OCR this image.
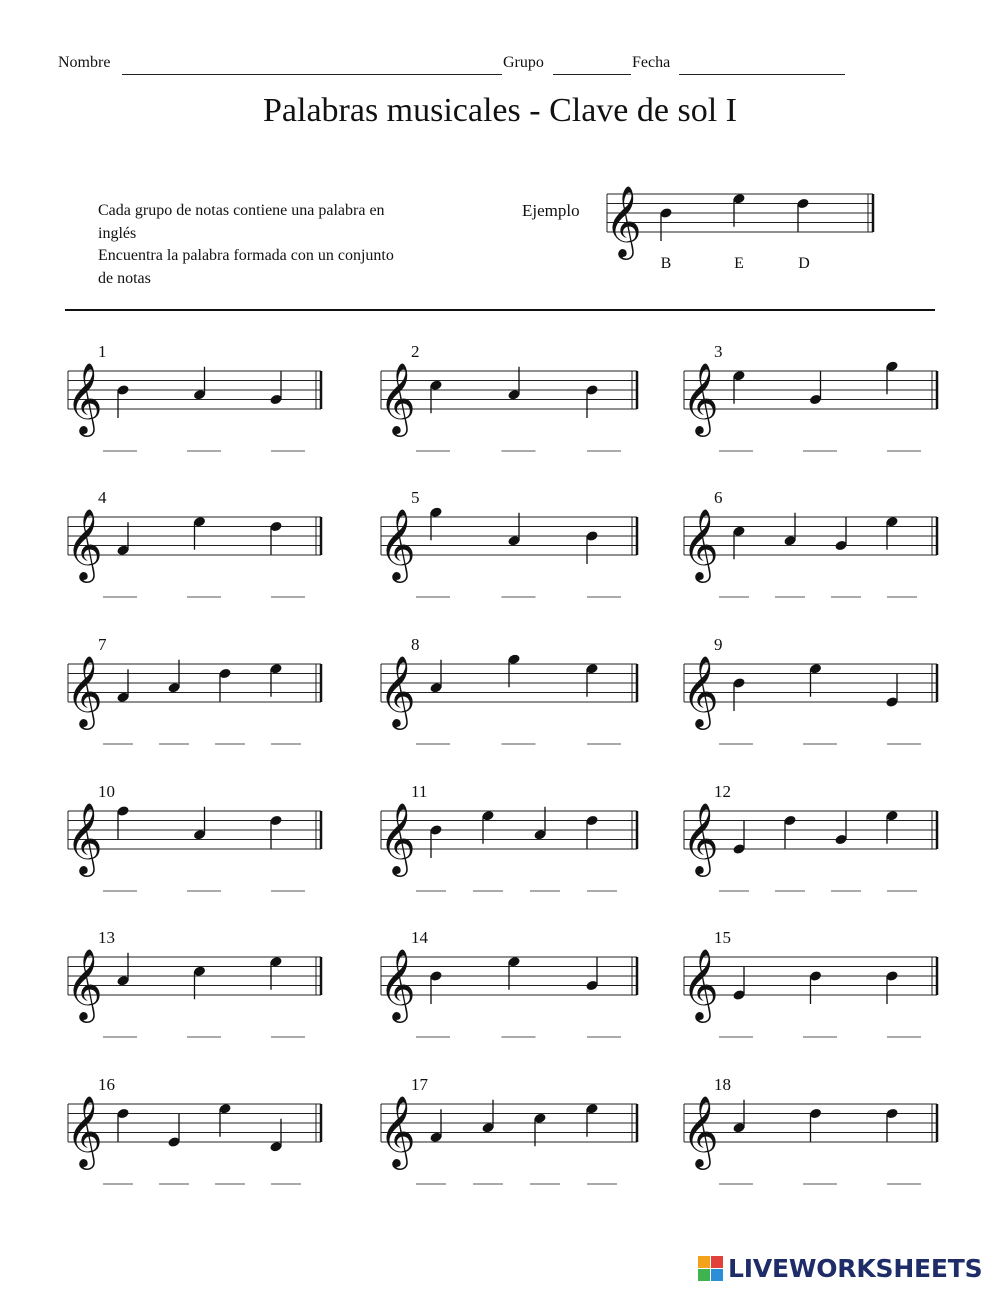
Nombre	Grupo	Fecha
Palabras musicales - Clave de sol I
Cada grupo de notas contiene una palabra en
inglés
Encuentra la palabra formada con un conjunto
de notas
Ejemplo
B	E	D
𝄞
1
𝄞
2
𝄞
3
𝄞
4
𝄞
5
𝄞
6
𝄞
7
𝄞
8
𝄞
9
𝄞
10
𝄞
11
𝄞
12
𝄞
13
𝄞
14
𝄞
15
𝄞
16
𝄞
17
𝄞
18
𝄞
LIVEWORKSHEETS
